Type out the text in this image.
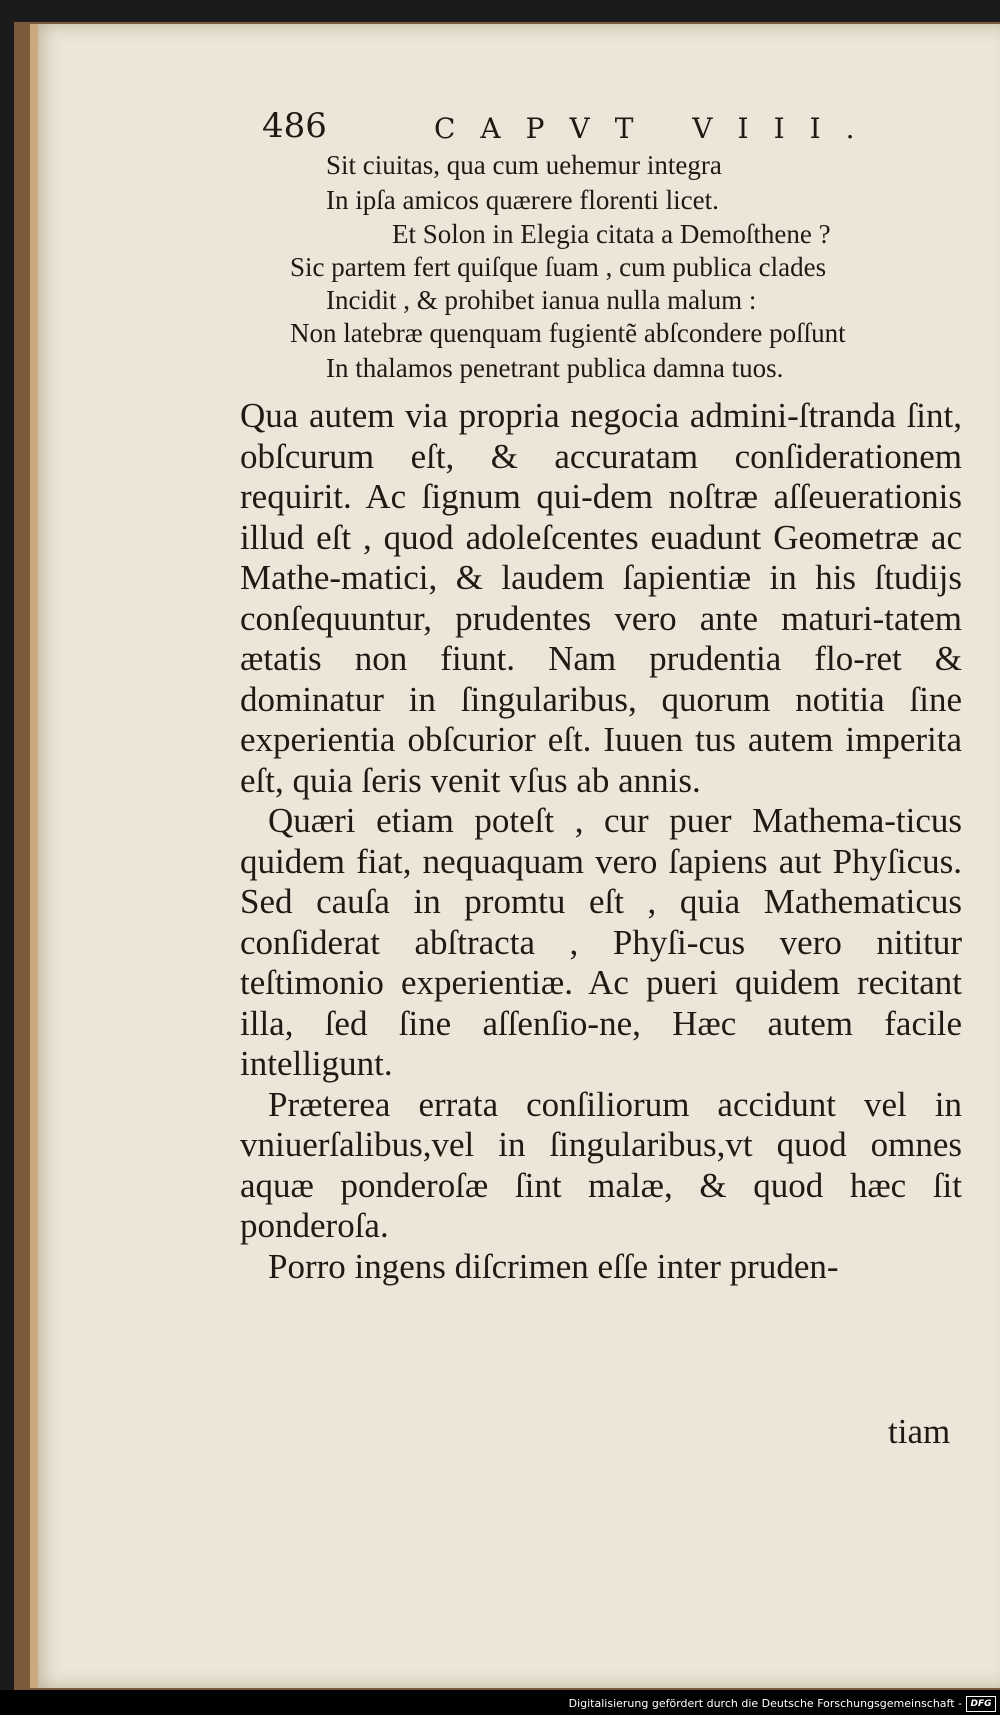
486	CAPVT VIII.
Sit ciuitas, qua cum uehemur integra
In ipſa amicos quærere florenti licet.
Et Solon in Elegia citata a Demoſthene ?
Sic partem fert quiſque ſuam , cum publica clades
Incidit , & prohibet ianua nulla malum :
Non latebræ quenquam fugientẽ abſcondere poſſunt
In thalamos penetrant publica damna tuos.

Qua autem via propria negocia admini-ſtranda ſint, obſcurum eſt, & accuratam conſiderationem requirit. Ac ſignum qui-dem noſtræ aſſeuerationis illud eſt , quod adoleſcentes euadunt Geometræ ac Mathe-matici, & laudem ſapientiæ in his ſtudijs conſequuntur, prudentes vero ante maturi-tatem ætatis non fiunt. Nam prudentia flo-ret & dominatur in ſingularibus, quorum notitia ſine experientia obſcurior eſt. Iuuen tus autem imperita eſt, quia ſeris venit vſus ab annis.

Quæri etiam poteſt , cur puer Mathema-ticus quidem fiat, nequaquam vero ſapiens aut Phyſicus. Sed cauſa in promtu eſt , quia Mathematicus conſiderat abſtracta , Phyſi-cus vero nititur teſtimonio experientiæ. Ac pueri quidem recitant illa, ſed ſine aſſenſio-ne, Hæc autem facile intelligunt.

Præterea errata conſiliorum accidunt vel in vniuerſalibus,vel in ſingularibus,vt quod omnes aquæ ponderoſæ ſint malæ, & quod hæc ſit ponderoſa.

Porro ingens diſcrimen eſſe inter pruden-

tiam
Digitalisierung gefördert durch die Deutsche Forschungsgemeinschaft - DFG
